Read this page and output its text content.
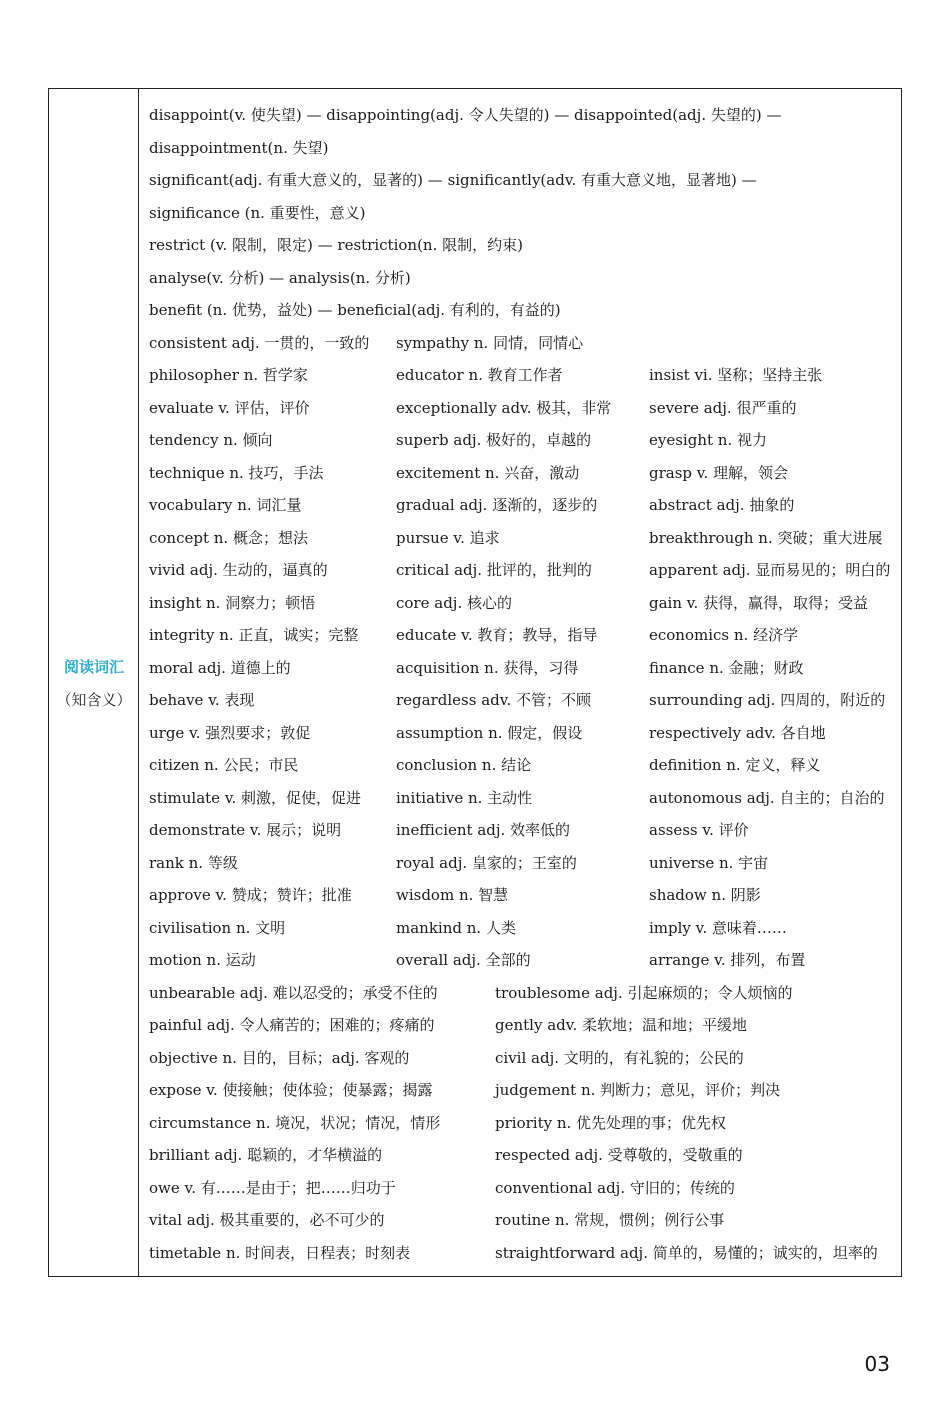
阅读词汇
（知含义）
disappoint(v. 使失望) — disappointing(adj. 令人失望的) — disappointed(adj. 失望的) —
disappointment(n. 失望)
significant(adj. 有重大意义的，显著的) — significantly(adv. 有重大意义地，显著地) —
significance (n. 重要性，意义)
restrict (v. 限制，限定) — restriction(n. 限制，约束)
analyse(v. 分析) — analysis(n. 分析)
benefit (n. 优势，益处) — beneficial(adj. 有利的，有益的)
consistent adj. 一贯的，一致的 sympathy n. 同情，同情心
philosopher n. 哲学家	educator n. 教育工作者	insist vi. 坚称；坚持主张
evaluate v. 评估，评价	exceptionally adv. 极其，非常	severe adj. 很严重的
tendency n. 倾向	superb adj. 极好的，卓越的	eyesight n. 视力
technique n. 技巧，手法	excitement n. 兴奋，激动	grasp v. 理解，领会
vocabulary n. 词汇量	gradual adj. 逐渐的，逐步的	abstract adj. 抽象的
concept n. 概念；想法	pursue v. 追求	breakthrough n. 突破；重大进展
vivid adj. 生动的，逼真的	critical adj. 批评的，批判的	apparent adj. 显而易见的；明白的
insight n. 洞察力；顿悟	core adj. 核心的	gain v. 获得，赢得，取得；受益
integrity n. 正直，诚实；完整	educate v. 教育；教导，指导	economics n. 经济学
moral adj. 道德上的	acquisition n. 获得，习得	finance n. 金融；财政
behave v. 表现	regardless adv. 不管；不顾	surrounding adj. 四周的，附近的
urge v. 强烈要求；敦促	assumption n. 假定，假设	respectively adv. 各自地
citizen n. 公民；市民	conclusion n. 结论	definition n. 定义，释义
stimulate v. 刺激，促使，促进 initiative n. 主动性	autonomous adj. 自主的；自治的
demonstrate v. 展示；说明	inefficient adj. 效率低的	assess v. 评价
rank n. 等级	royal adj. 皇家的；王室的	universe n. 宇宙
approve v. 赞成；赞许；批准	wisdom n. 智慧	shadow n. 阴影
civilisation n. 文明	mankind n. 人类	imply v. 意味着……
motion n. 运动	overall adj. 全部的	arrange v. 排列，布置
unbearable adj. 难以忍受的；承受不住的	troublesome adj. 引起麻烦的；令人烦恼的
painful adj. 令人痛苦的；困难的；疼痛的	gently adv. 柔软地；温和地；平缓地
objective n. 目的，目标；adj. 客观的	civil adj. 文明的，有礼貌的；公民的
expose v. 使接触；使体验；使暴露；揭露	judgement n. 判断力；意见，评价；判决
circumstance n. 境况，状况；情况，情形	priority n. 优先处理的事；优先权
brilliant adj. 聪颖的，才华横溢的	respected adj. 受尊敬的，受敬重的
owe v. 有……是由于；把……归功于	conventional adj. 守旧的；传统的
vital adj. 极其重要的，必不可少的	routine n. 常规，惯例；例行公事
timetable n. 时间表，日程表；时刻表	straightforward adj. 简单的，易懂的；诚实的，坦率的
03
